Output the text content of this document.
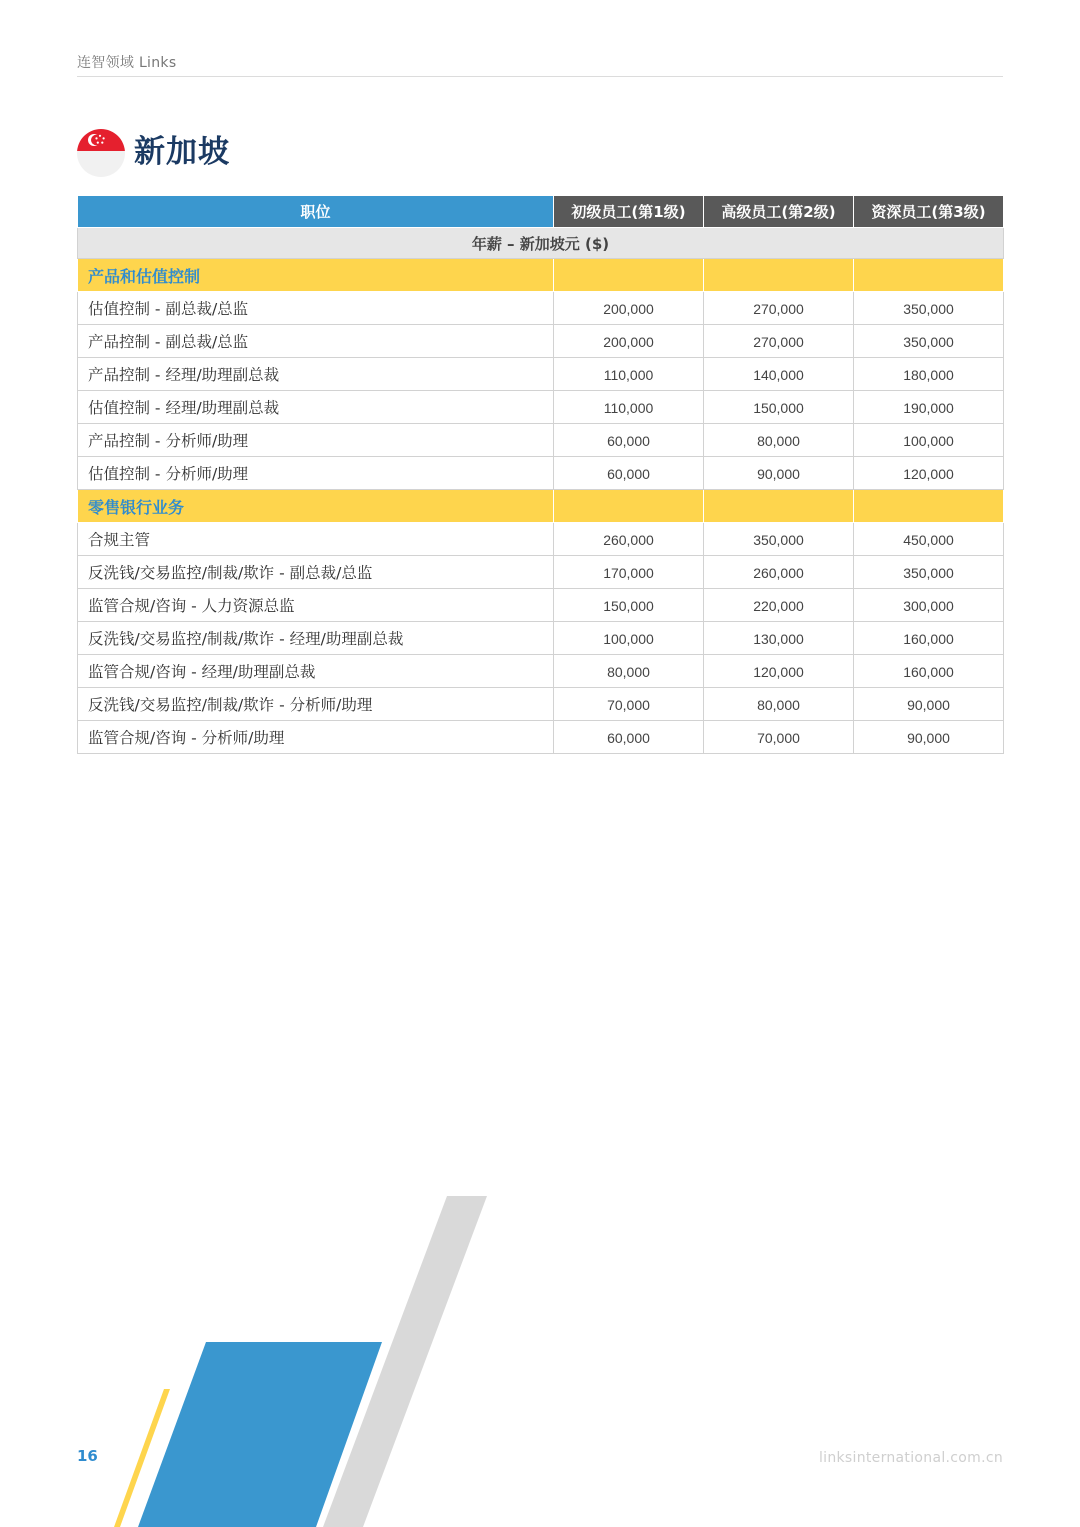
连智领域 Links
新加坡
职位	初级员工(第1级)	高级员工(第2级)	资深员工(第3级)
年薪 – 新加坡元 ($)			
产品和估值控制			
估值控制 - 副总裁/总监	200,000	270,000	350,000
产品控制 - 副总裁/总监	200,000	270,000	350,000
产品控制 - 经理/助理副总裁	110,000	140,000	180,000
估值控制 - 经理/助理副总裁	110,000	150,000	190,000
产品控制 - 分析师/助理	60,000	80,000	100,000
估值控制 - 分析师/助理	60,000	90,000	120,000
零售银行业务			
合规主管	260,000	350,000	450,000
反洗钱/交易监控/制裁/欺诈 - 副总裁/总监	170,000	260,000	350,000
监管合规/咨询 - 人力资源总监	150,000	220,000	300,000
反洗钱/交易监控/制裁/欺诈 - 经理/助理副总裁	100,000	130,000	160,000
监管合规/咨询 - 经理/助理副总裁	80,000	120,000	160,000
反洗钱/交易监控/制裁/欺诈 - 分析师/助理	70,000	80,000	90,000
监管合规/咨询 - 分析师/助理	60,000	70,000	90,000
16	linksinternational.com.cn
